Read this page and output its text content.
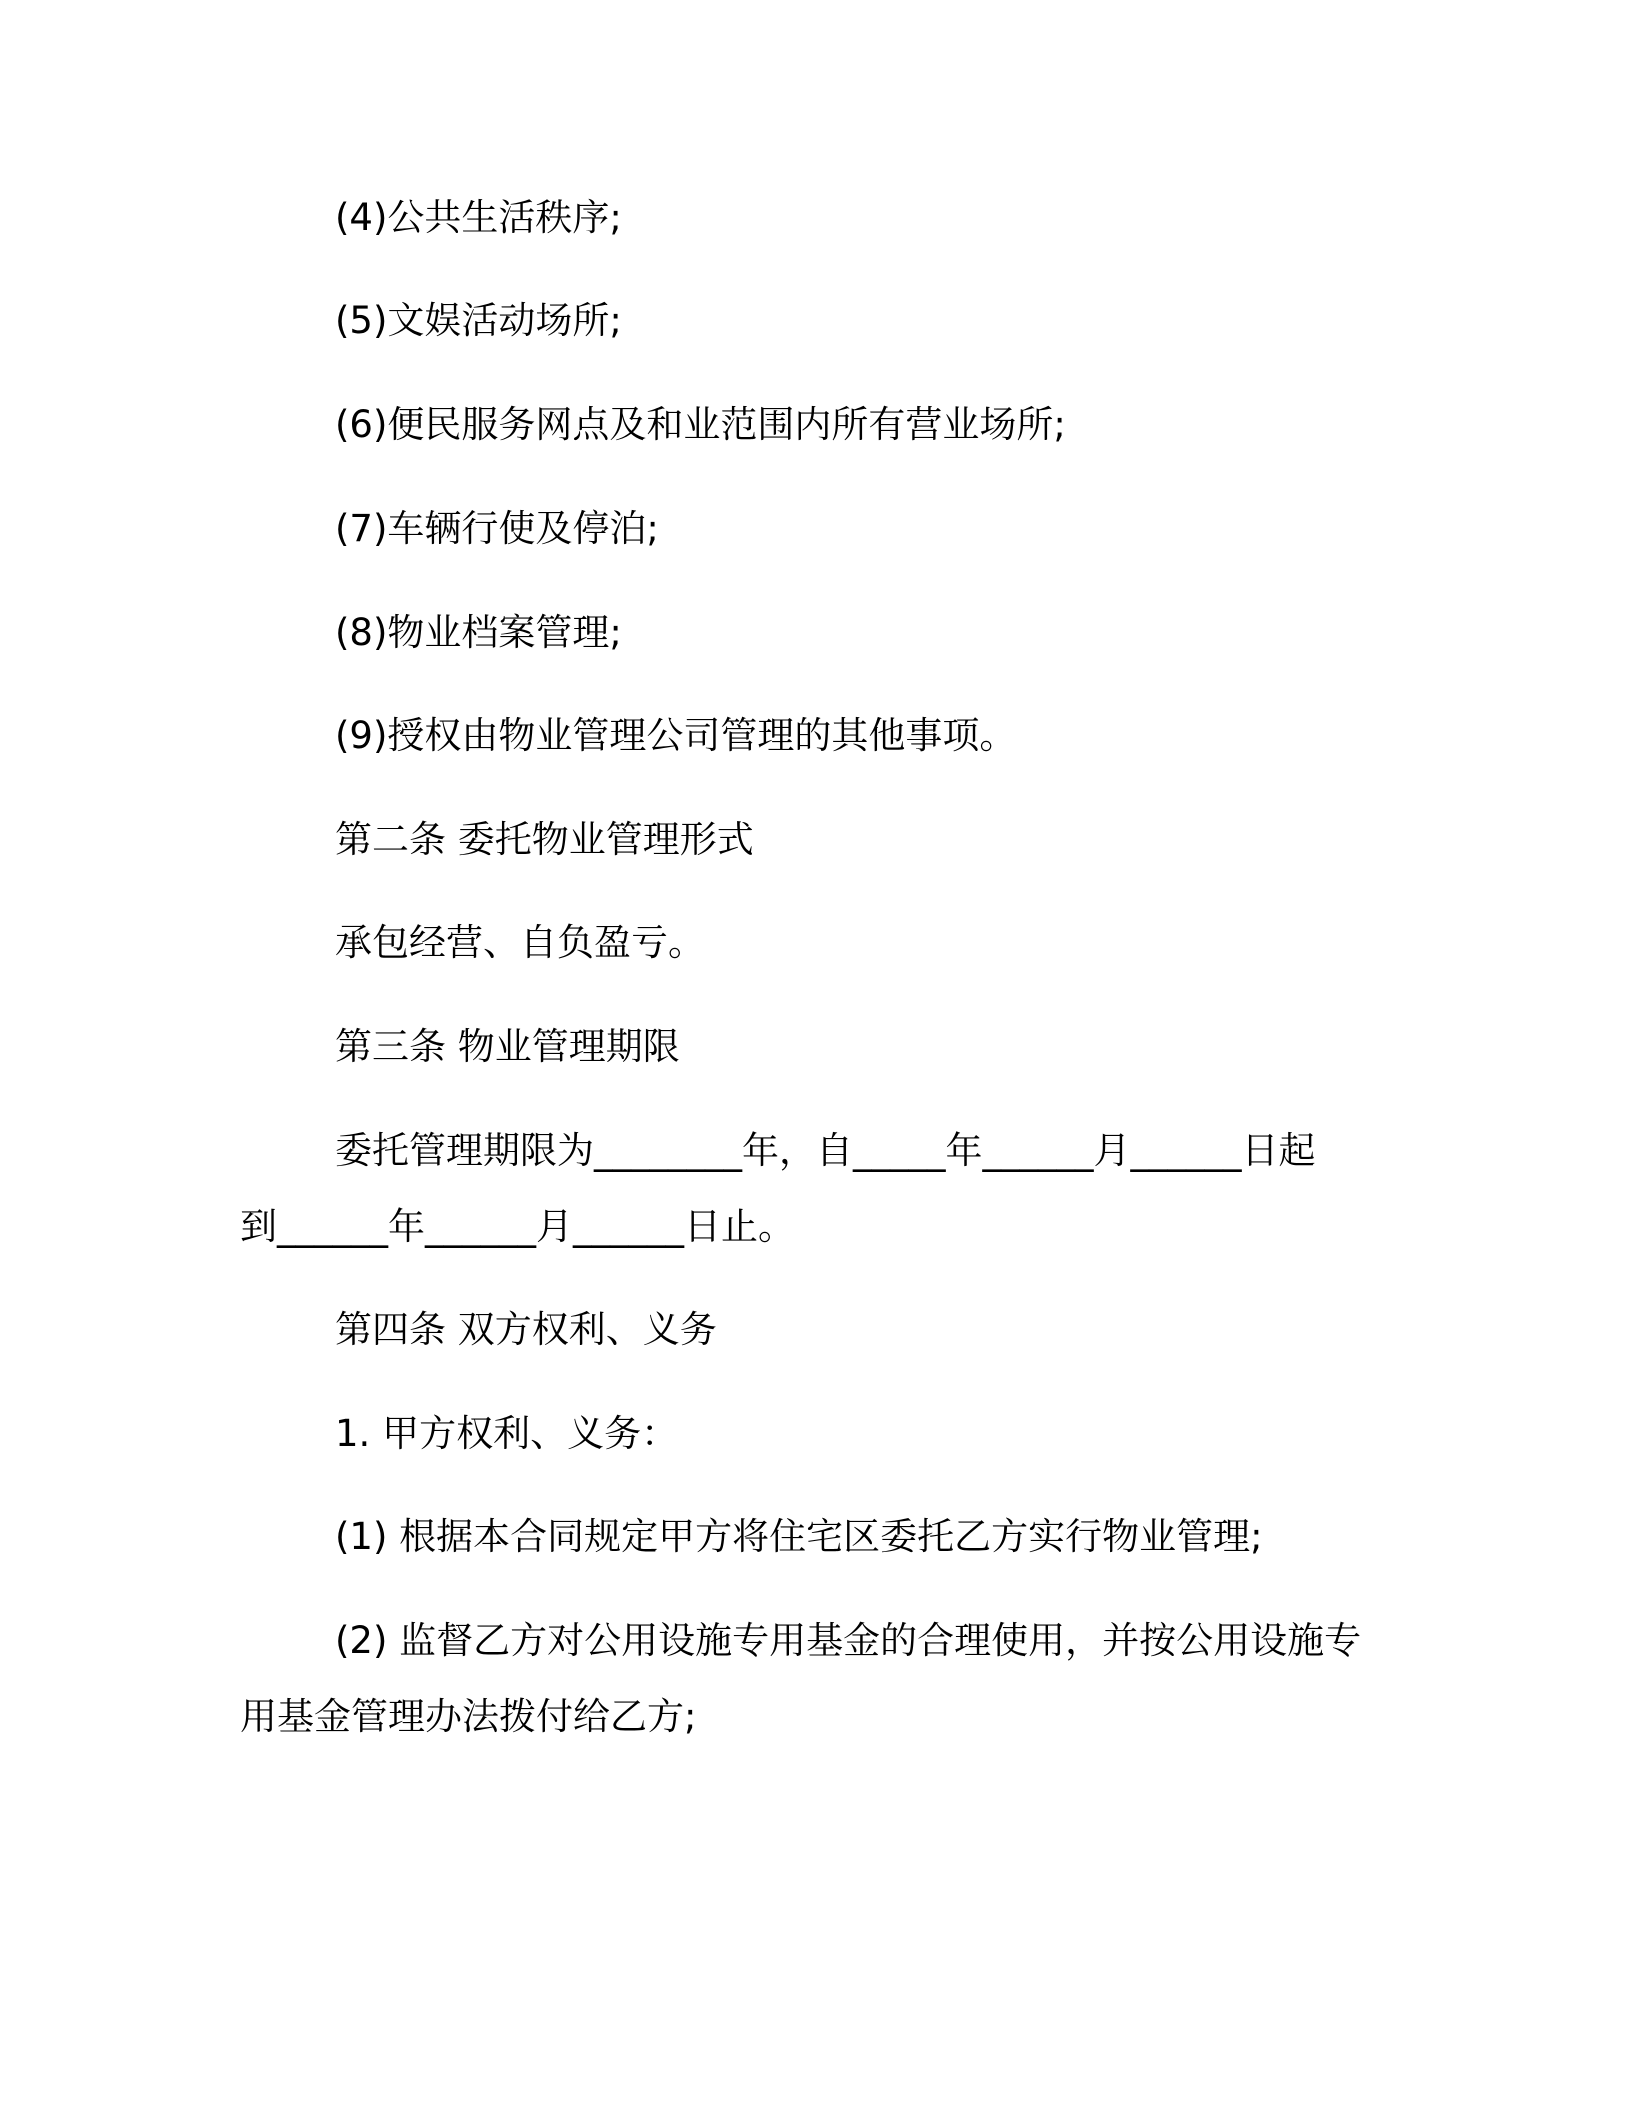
(4)公共生活秩序;
(5)文娱活动场所;
(6)便民服务网点及和业范围内所有营业场所;
(7)车辆行使及停泊;
(8)物业档案管理;
(9)授权由物业管理公司管理的其他事项。
第二条 委托物业管理形式
承包经营、自负盈亏。
第三条 物业管理期限
委托管理期限为________年，自_____年______月______日起
到______年______月______日止。
第四条 双方权利、义务
1. 甲方权利、义务：
(1) 根据本合同规定甲方将住宅区委托乙方实行物业管理;
(2) 监督乙方对公用设施专用基金的合理使用，并按公用设施专
用基金管理办法拨付给乙方;
